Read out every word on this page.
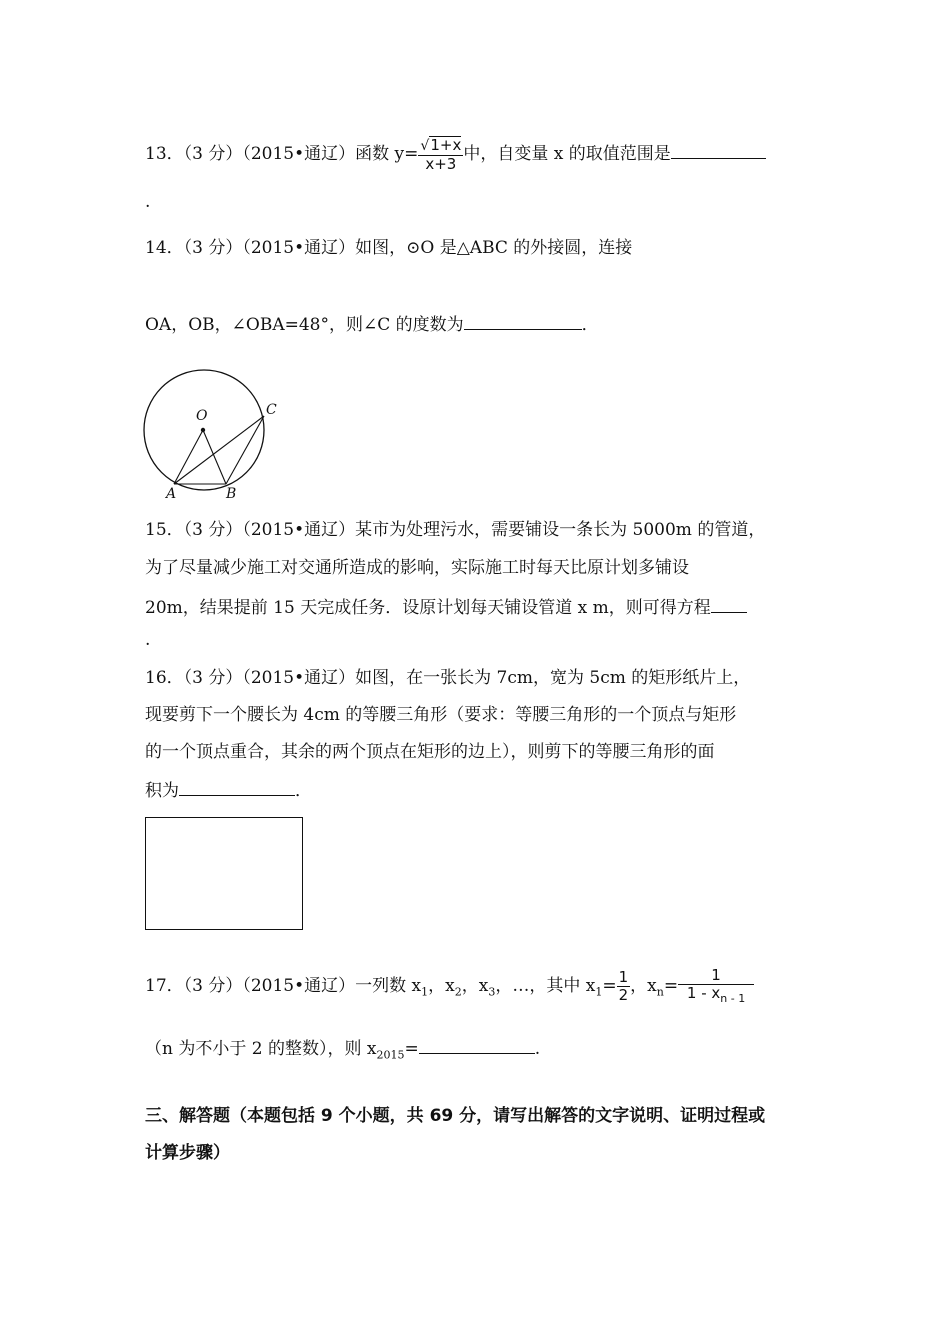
13．（3 分）（2015•通辽）函数 $y= \frac{√1+x}{x+3}$ 中，自变量 x 的取值范围是
.
14．（3 分）（2015•通辽）如图，⊙O 是△ABC 的外接圆，连接
OA，OB，∠OBA=48°，则∠C 的度数为	．
O	C
A	B
15．（3 分）（2015•通辽）某市为处理污水，需要铺设一条长为 5000m 的管道，
为了尽量减少施工对交通所造成的影响，实际施工时每天比原计划多铺设
20m，结果提前 15 天完成任务．设原计划每天铺设管道 x m，则可得方程
.
16．（3 分）（2015•通辽）如图，在一张长为 7cm，宽为 5cm 的矩形纸片上，
现要剪下一个腰长为 4cm 的等腰三角形（要求：等腰三角形的一个顶点与矩形
的一个顶点重合，其余的两个顶点在矩形的边上），则剪下的等腰三角形的面
积为	．
17．（3 分）（2015•通辽）一列数 $x_1$，$x_2$，$x_3$，…，其中 $x_1= \frac{1}{2}$ ，$x_n= \frac{1}{1 - x_{n - 1}}$
（n 为不小于 2 的整数），则 $x_{2015}=$	.
三、解答题（本题包括 9 个小题，共 69 分，请写出解答的文字说明、证明过程或
计算步骤）
